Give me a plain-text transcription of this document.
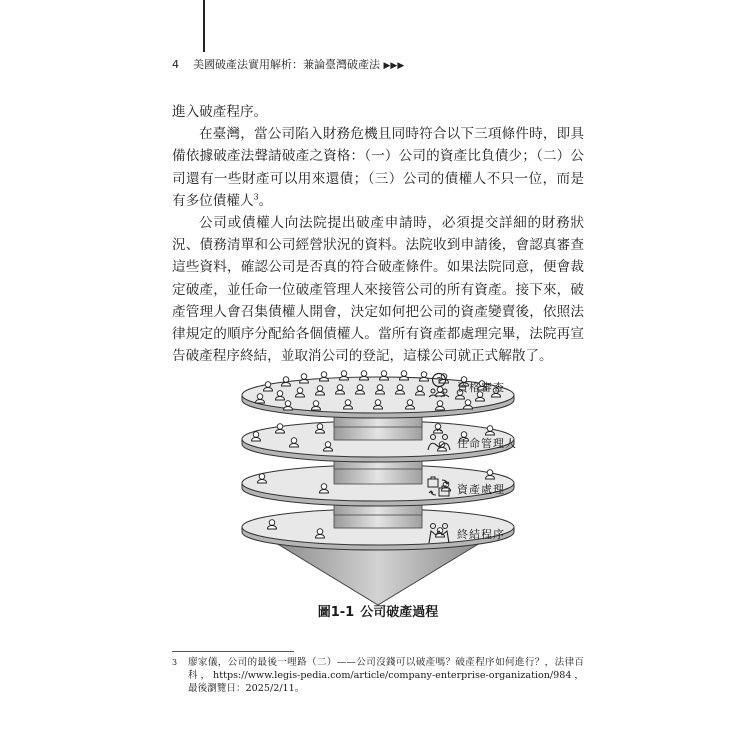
4 美國破產法實用解析：兼論臺灣破產法 ▶▶▶

進入破產程序。

在臺灣，當公司陷入財務危機且同時符合以下三項條件時，即具備依據破產法聲請破產之資格：（一）公司的資產比負債少；（二）公司還有一些財產可以用來還債；（三）公司的債權人不只一位，而是有多位債權人$^3$。

公司或債權人向法院提出破產申請時，必須提交詳細的財務狀況、債務清單和公司經營狀況的資料。法院收到申請後，會認真審查這些資料，確認公司是否真的符合破產條件。如果法院同意，便會裁定破產，並任命一位破產管理人來接管公司的所有資產。接下來，破產管理人會召集債權人開會，決定如何把公司的資產變賣後，依照法律規定的順序分配給各個債權人。當所有資產都處理完畢，法院再宣告破產程序終結，並取消公司的登記，這樣公司就正式解散了。

? 資格審查
任命管理人
資產處理
終結程序
圖1-1 公司破產過程
3 廖家儀，公司的最後一哩路（二）——公司沒錢可以破產嗎？破產程序如何進行？，法律百科，https://www.legis-pedia.com/article/company-enterprise-organization/984，最後瀏覽日：2025/2/11。
